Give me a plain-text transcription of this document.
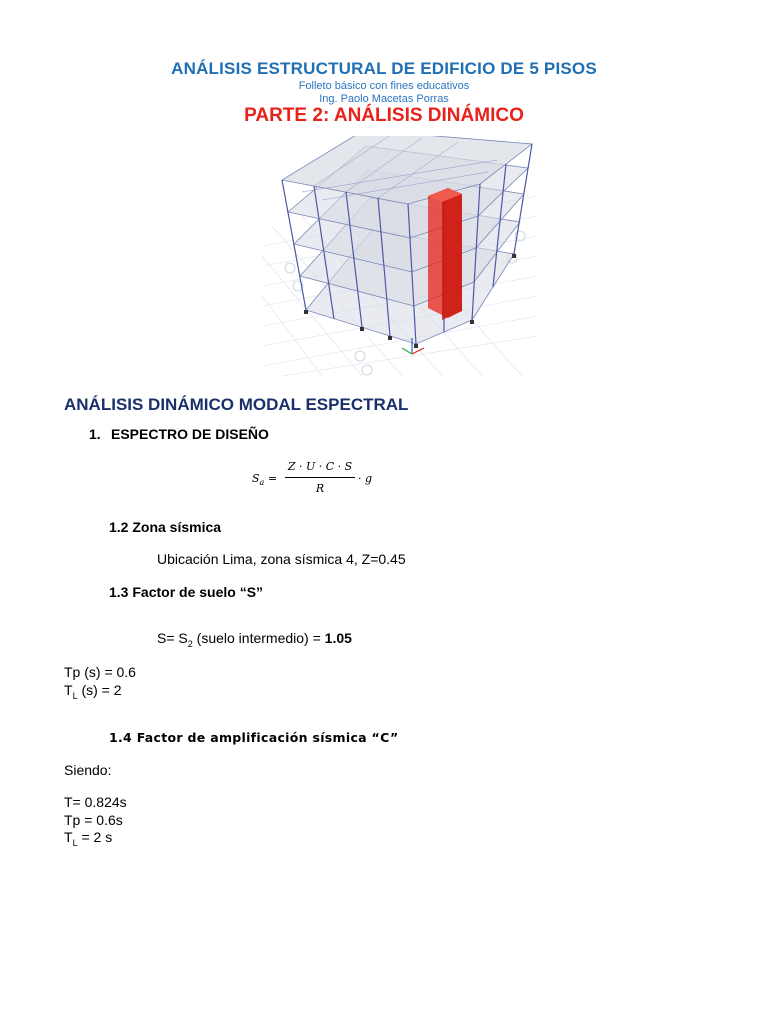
ANÁLISIS ESTRUCTURAL DE EDIFICIO DE 5 PISOS
Folleto básico con fines educativos
Ing. Paolo Macetas Porras
PARTE 2: ANÁLISIS DINÁMICO
ANÁLISIS DINÁMICO MODAL ESPECTRAL
1. ESPECTRO DE DISEÑO
$S_a$ =
Z · U · C · S
R
· g
1.2 Zona sísmica
Ubicación Lima, zona sísmica 4, Z=0.45
1.3 Factor de suelo “S”
$S= S_2$ (suelo intermedio) = 1.05
Tp (s) = 0.6
$T_L$ (s) = 2
1.4 Factor de amplificación sísmica “C”
Siendo:
T= 0.824s
Tp = 0.6s
$T_L = 2$ s
